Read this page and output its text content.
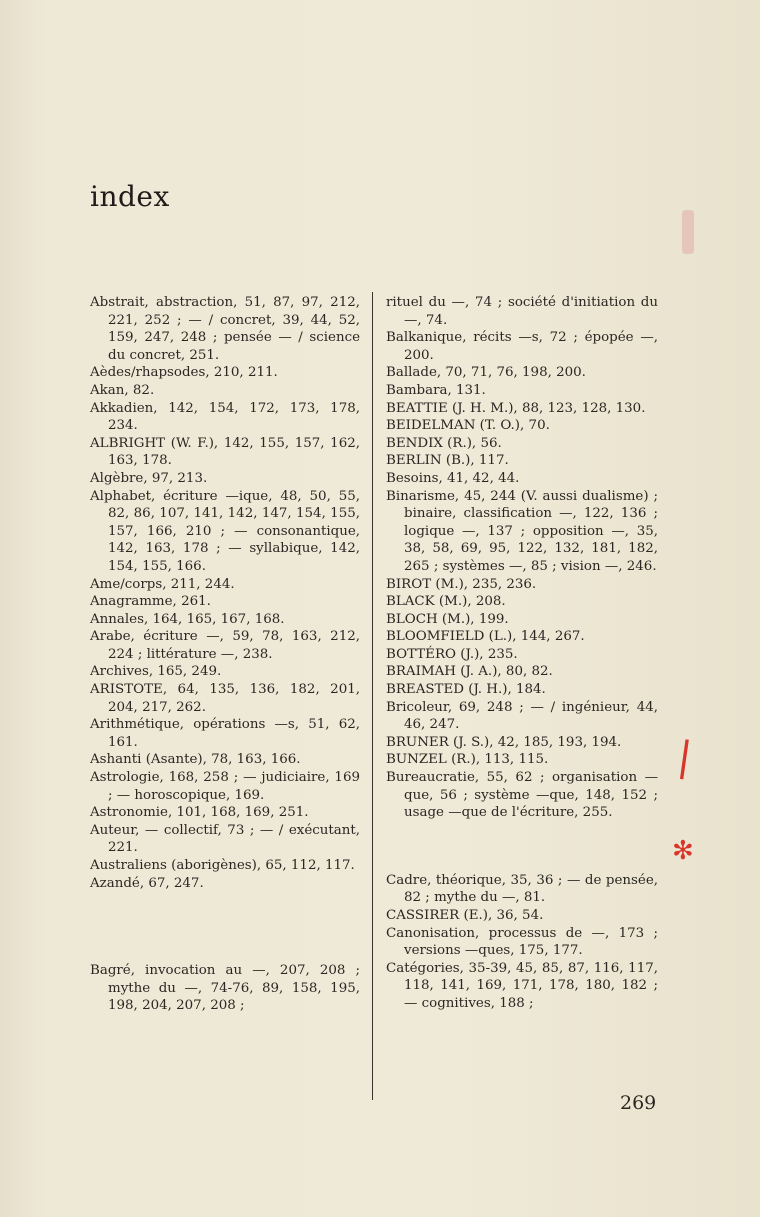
index

Abstrait, abstraction, 51, 87, 97, 212, 221, 252 ; — / concret, 39, 44, 52, 159, 247, 248 ; pensée — / science du concret, 251.

Aèdes/rhapsodes, 210, 211.

Akan, 82.

Akkadien, 142, 154, 172, 173, 178, 234.

ALBRIGHT (W. F.), 142, 155, 157, 162, 163, 178.

Algèbre, 97, 213.

Alphabet, écriture —ique, 48, 50, 55, 82, 86, 107, 141, 142, 147, 154, 155, 157, 166, 210 ; — consonantique, 142, 163, 178 ; — syllabique, 142, 154, 155, 166.

Ame/corps, 211, 244.

Anagramme, 261.

Annales, 164, 165, 167, 168.

Arabe, écriture —, 59, 78, 163, 212, 224 ; littérature —, 238.

Archives, 165, 249.

ARISTOTE, 64, 135, 136, 182, 201, 204, 217, 262.

Arithmétique, opérations —s, 51, 62, 161.

Ashanti (Asante), 78, 163, 166.

Astrologie, 168, 258 ; — judiciaire, 169 ; — horoscopique, 169.

Astronomie, 101, 168, 169, 251.

Auteur, — collectif, 73 ; — / exécutant, 221.

Australiens (aborigènes), 65, 112, 117.

Azandé, 67, 247.

Bagré, invocation au —, 207, 208 ; mythe du —, 74-76, 89, 158, 195, 198, 204, 207, 208 ;

rituel du —, 74 ; société d'initiation du —, 74.

Balkanique, récits —s, 72 ; épopée —, 200.

Ballade, 70, 71, 76, 198, 200.

Bambara, 131.

BEATTIE (J. H. M.), 88, 123, 128, 130.

BEIDELMAN (T. O.), 70.

BENDIX (R.), 56.

BERLIN (B.), 117.

Besoins, 41, 42, 44.

Binarisme, 45, 244 (V. aussi dualisme) ; binaire, classification —, 122, 136 ; logique —, 137 ; opposition —, 35, 38, 58, 69, 95, 122, 132, 181, 182, 265 ; systèmes —, 85 ; vision —, 246.

BIROT (M.), 235, 236.

BLACK (M.), 208.

BLOCH (M.), 199.

BLOOMFIELD (L.), 144, 267.

BOTTÉRO (J.), 235.

BRAIMAH (J. A.), 80, 82.

BREASTED (J. H.), 184.

Bricoleur, 69, 248 ; — / ingénieur, 44, 46, 247.

BRUNER (J. S.), 42, 185, 193, 194.

BUNZEL (R.), 113, 115.

Bureaucratie, 55, 62 ; organisation —que, 56 ; système —que, 148, 152 ; usage —que de l'écriture, 255.

Cadre, théorique, 35, 36 ; — de pensée, 82 ; mythe du —, 81.

CASSIRER (E.), 36, 54.

Canonisation, processus de —, 173 ; versions —ques, 175, 177.

Catégories, 35-39, 45, 85, 87, 116, 117, 118, 141, 169, 171, 178, 180, 182 ; — cognitives, 188 ;

|
✻
269
